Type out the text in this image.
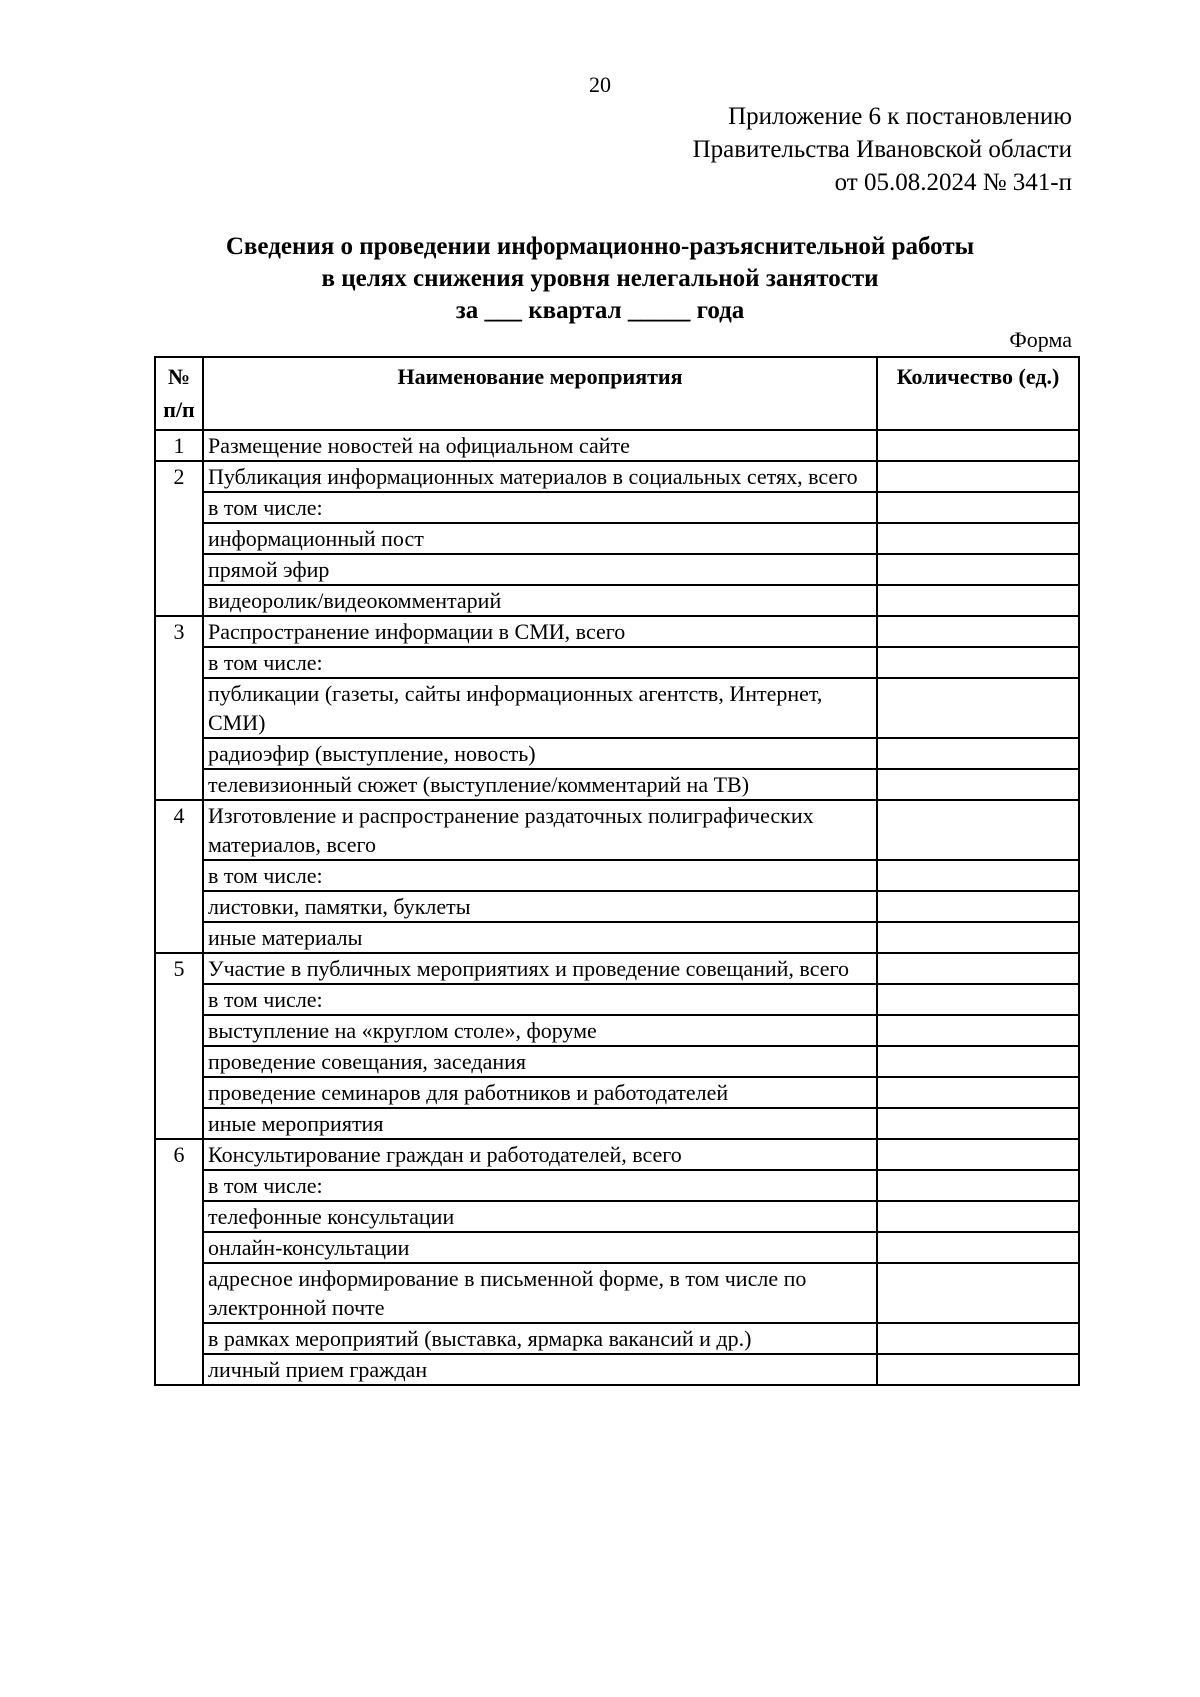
20
Приложение 6 к постановлению
Правительства Ивановской области
от 05.08.2024 № 341-п
Сведения о проведении информационно-разъяснительной работы
в целях снижения уровня нелегальной занятости
за ___ квартал _____ года
Форма
№ п/п	Наименование мероприятия	Количество (ед.)
1	Размещение новостей на официальном сайте	
2	Публикация информационных материалов в социальных сетях, всего	
	в том числе:	
	информационный пост	
	прямой эфир	
	видеоролик/видеокомментарий	
3	Распространение информации в СМИ, всего	
	в том числе:	
	публикации (газеты, сайты информационных агентств, Интернет, СМИ)	
	радиоэфир (выступление, новость)	
	телевизионный сюжет (выступление/комментарий на ТВ)	
4	Изготовление и распространение раздаточных полиграфических материалов, всего	
	в том числе:	
	листовки, памятки, буклеты	
	иные материалы	
5	Участие в публичных мероприятиях и проведение совещаний, всего	
	в том числе:	
	выступление на «круглом столе», форуме	
	проведение совещания, заседания	
	проведение семинаров для работников и работодателей	
	иные мероприятия	
6	Консультирование граждан и работодателей, всего	
	в том числе:	
	телефонные консультации	
	онлайн-консультации	
	адресное информирование в письменной форме, в том числе по электронной почте	
	в рамках мероприятий (выставка, ярмарка вакансий и др.)	
	личный прием граждан	
